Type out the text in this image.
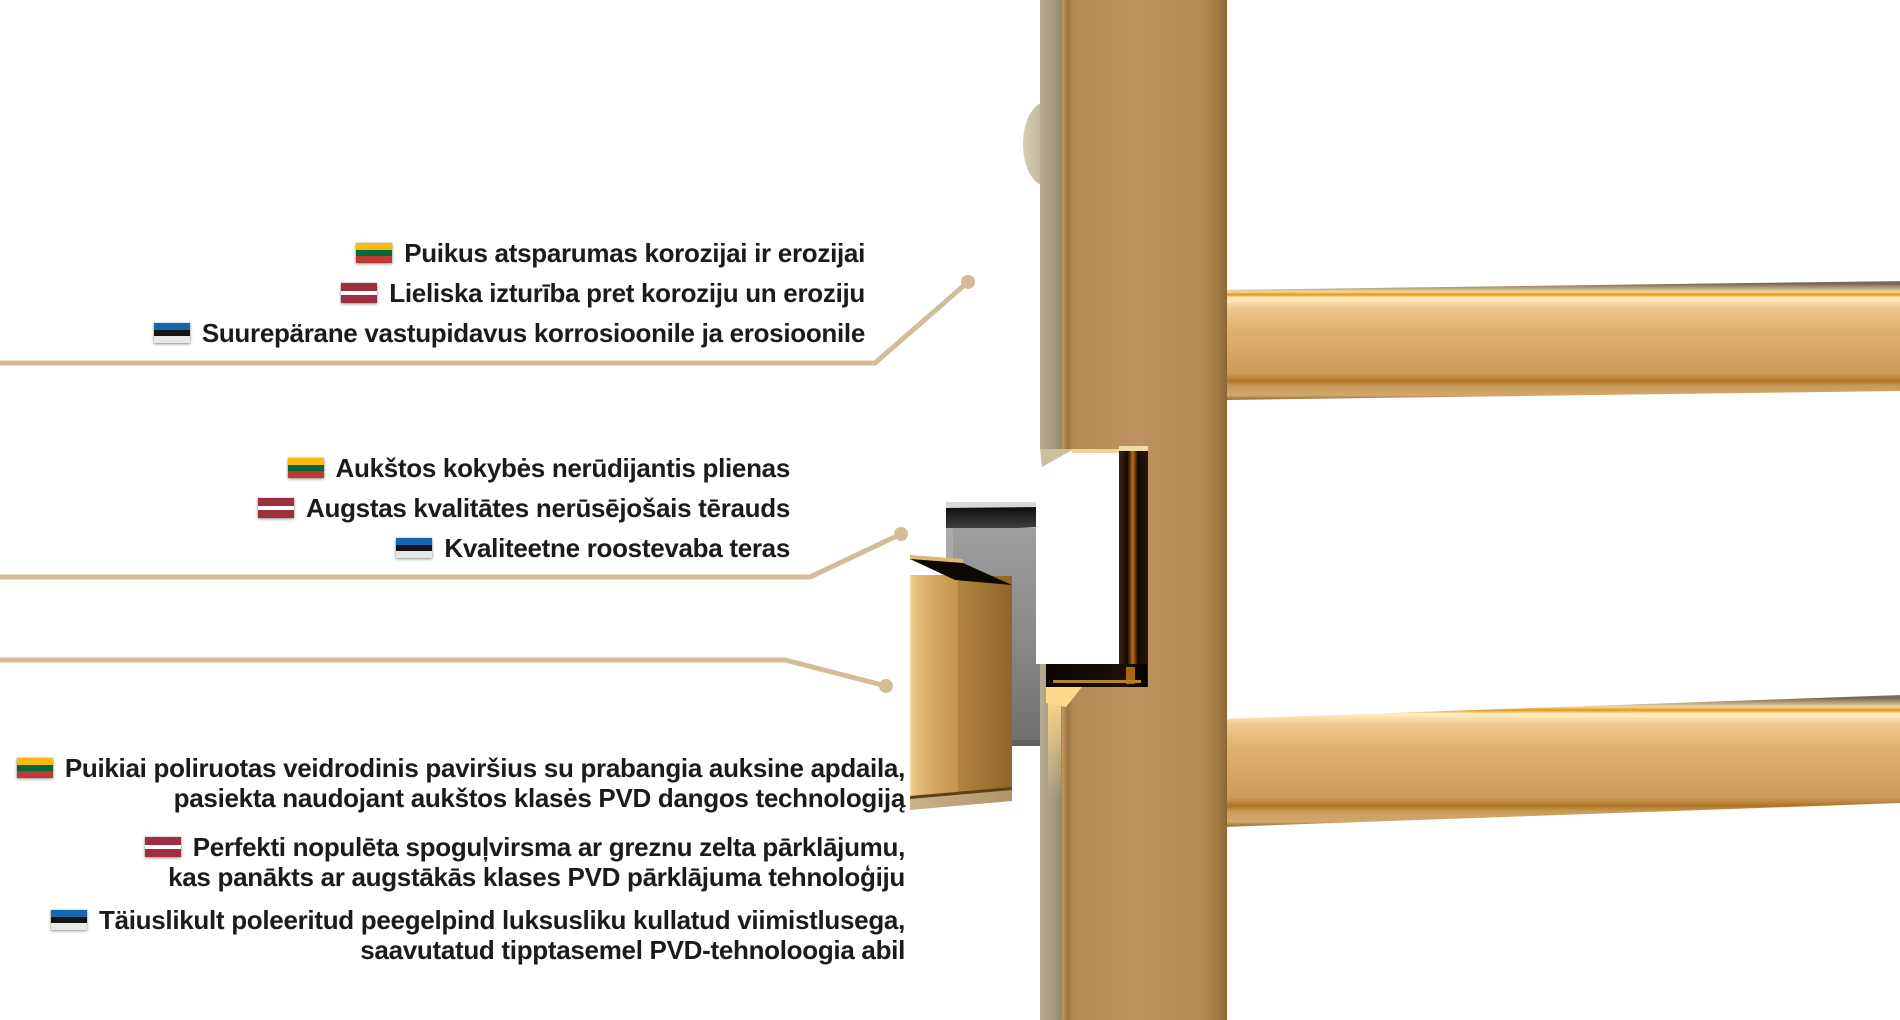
Puikus atsparumas korozijai ir erozijai
Lieliska izturība pret koroziju un eroziju
Suurepärane vastupidavus korrosioonile ja erosioonile
Aukštos kokybės nerūdijantis plienas
Augstas kvalitātes nerūsējošais tērauds
Kvaliteetne roostevaba teras
Puikiai poliruotas veidrodinis paviršius su prabangia auksine apdaila,
pasiekta naudojant aukštos klasės PVD dangos technologiją
Perfekti nopulēta spoguļvirsma ar greznu zelta pārklājumu,
kas panākts ar augstākās klases PVD pārklājuma tehnoloģiju
Täiuslikult poleeritud peegelpind luksusliku kullatud viimistlusega,
saavutatud tipptasemel PVD-tehnoloogia abil
